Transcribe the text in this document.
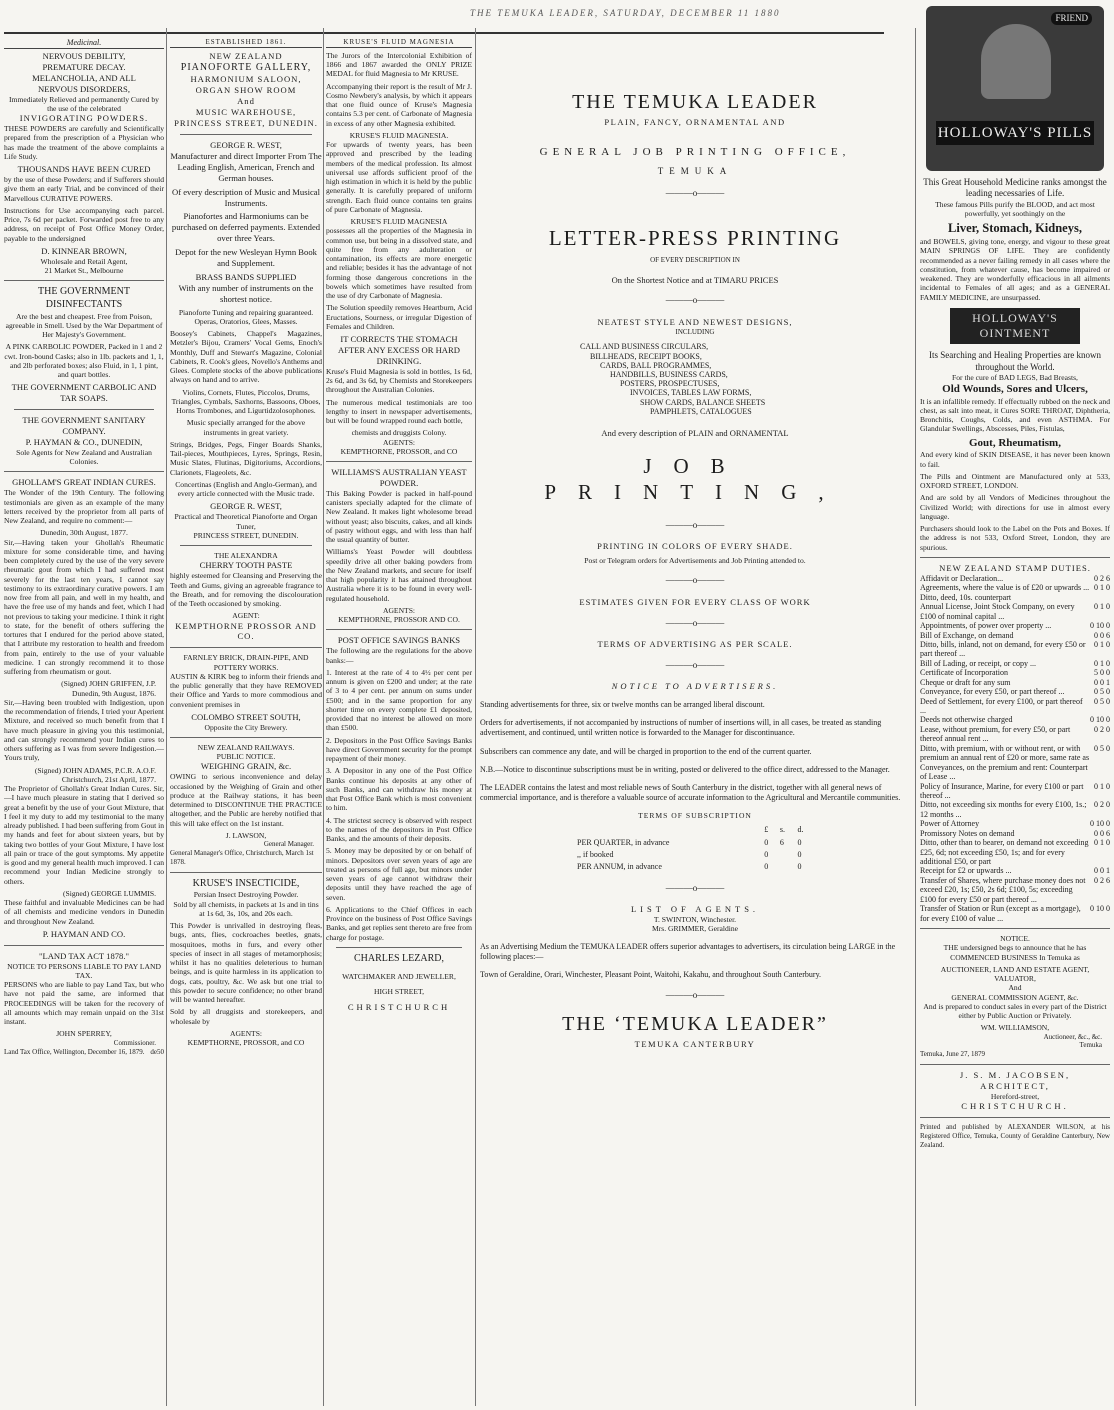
THE TEMUKA LEADER, SATURDAY, DECEMBER 11 1880
Medicinal.
NERVOUS DEBILITY,
PREMATURE DECAY.
MELANCHOLIA, AND ALL
NERVOUS DISORDERS,
Immediately Relieved and permanently Cured by the use of the celebrated
INVIGORATING POWDERS.

THESE POWDERS are carefully and Scientifically prepared from the prescription of a Physician who has made the treatment of the above complaints a Life Study.

THOUSANDS HAVE BEEN CURED

by the use of these Powders; and if Sufferers should give them an early Trial, and be convinced of their Marvellous CURATIVE POWERS.

Instructions for Use accompanying each parcel. Price, 7s 6d per packet. Forwarded post free to any address, on receipt of Post Office Money Order, payable to the undersigned

D. KINNEAR BROWN,
Wholesale and Retail Agent,
21 Market St., Melbourne
THE GOVERNMENT DISINFECTANTS

Are the best and cheapest. Free from Poison, agreeable in Smell. Used by the War Department of Her Majesty's Government.

A PINK CARBOLIC POWDER, Packed in 1 and 2 cwt. Iron-bound Casks; also in 1lb. packets and 1, 1, and 2lb perforated boxes; also Fluid, in 1, 1 pint, and quart bottles.

THE GOVERNMENT CARBOLIC AND TAR SOAPS.
THE GOVERNMENT SANITARY COMPANY.
P. HAYMAN & CO., DUNEDIN,
Sole Agents for New Zealand and Australian Colonies.
GHOLLAM'S GREAT INDIAN CURES.

The Wonder of the 19th Century. The following testimonials are given as an example of the many letters received by the proprietor from all parts of New Zealand, and require no comment:—

Dunedin, 30th August, 1877.

Sir,—Having taken your Ghollah's Rheumatic mixture for some considerable time, and having been completely cured by the use of the very severe rheumatic gout from which I had suffered most severely for the last ten years, I cannot say testimony to its extraordinary curative powers. I am now free from all pain, and well in my health, and have the free use of my hands and feet, which I had not previous to taking your medicine. I think it right to state, for the benefit of others suffering the tortures that I endured for the period above stated, that I attribute my restoration to health and freedom from pain, entirely to the use of your valuable medicine. I can strongly recommend it to those suffering from rheumatism or gout.

(Signed) JOHN GRIFFEN, J.P.
Dunedin, 9th August, 1876.

Sir,—Having been troubled with Indigestion, upon the recommendation of friends, I tried your Aperient Mixture, and received so much benefit from that I have much pleasure in giving you this testimonial, and can strongly recommend your Indian cures to others suffering as I was from severe Indigestion.—Yours truly,

(Signed) JOHN ADAMS, P.C.R. A.O.F.
Christchurch, 21st April, 1877.

The Proprietor of Ghollah's Great Indian Cures. Sir,—I have much pleasure in stating that I derived so great a benefit by the use of your Gout Mixture, that I feel it my duty to add my testimonial to the many already published. I had been suffering from Gout in my hands and feet for about sixteen years, but by taking two bottles of your Gout Mixture, I have lost all pain or trace of the gout symptoms. My appetite is good and my general health much improved. I can recommend your Indian Medicine strongly to others.

(Signed) GEORGE LUMMIS.

These faithful and invaluable Medicines can be had of all chemists and medicine vendors in Dunedin and throughout New Zealand.

P. HAYMAN AND CO.
"LAND TAX ACT 1878."
NOTICE TO PERSONS LIABLE TO PAY LAND TAX.

PERSONS who are liable to pay Land Tax, but who have not paid the same, are informed that PROCEEDINGS will be taken for the recovery of all amounts which may remain unpaid on the 31st instant.

JOHN SPERREY,
Commissioner.
Land Tax Office, Wellington, December 16, 1879. de50
ESTABLISHED 1861.
NEW ZEALAND
PIANOFORTE GALLERY,
HARMONIUM SALOON,
ORGAN SHOW ROOM
And
MUSIC WAREHOUSE,
PRINCESS STREET, DUNEDIN.
GEORGE R. WEST,

Manufacturer and direct Importer From The Leading English, American, French and German houses.

Of every description of Music and Musical Instruments.

Pianofortes and Harmoniums can be purchased on deferred payments. Extended over three Years.

Depot for the new Wesleyan Hymn Book and Supplement.

BRASS BANDS SUPPLIED

With any number of instruments on the shortest notice.

Pianoforte Tuning and repairing guaranteed. Operas, Oratorios, Glees, Masses.

Boosey's Cabinets, Chappel's Magazines, Metzler's Bijou, Cramers' Vocal Gems, Enoch's Monthly, Duff and Stewart's Magazine, Colonial Cabinets, R. Cook's glees, Novello's Anthems and Glees. Complete stocks of the above publications always on hand and to arrive.

Violins, Cornets, Flutes, Piccolos, Drums, Triangles, Cymbals, Saxhorns, Bassoons, Oboes, Horns Trombones, and Ligurtidzolosophones.

Music specially arranged for the above instruments in great variety.

Strings, Bridges, Pegs, Finger Boards Shanks, Tail-pieces, Mouthpieces, Lyres, Springs, Resin, Music Slates, Flutinas, Digitoriums, Accordions, Clarionets, Flageolets, &c.

Concertinas (English and Anglo-German), and every article connected with the Music trade.

GEORGE R. WEST,
Practical and Theoretical Pianoforte and Organ Tuner,
PRINCESS STREET, DUNEDIN.
THE ALEXANDRA
CHERRY TOOTH PASTE

highly esteemed for Cleansing and Preserving the Teeth and Gums, giving an agreeable fragrance to the Breath, and for removing the discolouration of the Teeth occasioned by smoking.

AGENT:
KEMPTHORNE PROSSOR AND CO.
FARNLEY BRICK, DRAIN-PIPE, AND POTTERY WORKS.

AUSTIN & KIRK beg to inform their friends and the public generally that they have REMOVED their Office and Yards to more commodious and convenient premises in

COLOMBO STREET SOUTH,
Opposite the City Brewery.
NEW ZEALAND RAILWAYS.
PUBLIC NOTICE.
WEIGHING GRAIN, &c.

OWING to serious inconvenience and delay occasioned by the Weighing of Grain and other produce at the Railway stations, it has been determined to DISCONTINUE THE PRACTICE altogether, and the Public are hereby notified that this will take effect on the 1st instant.

J. LAWSON,
General Manager.
General Manager's Office, Christchurch, March 1st 1878.
KRUSE'S INSECTICIDE,
Persian Insect Destroying Powder.

Sold by all chemists, in packets at 1s and in tins at 1s 6d, 3s, 10s, and 20s each.

This Powder is unrivalled in destroying fleas, bugs, ants, flies, cockroaches beetles, gnats, mosquitoes, moths in furs, and every other species of insect in all stages of metamorphosis; whilst it has no qualities deleterious to human beings, and is quite harmless in its application to dogs, cats, poultry, &c. We ask but one trial to this powder to secure confidence; no other brand will be wanted hereafter.

Sold by all druggists and storekeepers, and wholesale by

AGENTS:
KEMPTHORNE, PROSSOR, and CO
KRUSE'S FLUID MAGNESIA

The Jurors of the Intercolonial Exhibition of 1866 and 1867 awarded the ONLY PRIZE MEDAL for fluid Magnesia to Mr KRUSE.

Accompanying their report is the result of Mr J. Cosmo Newbery's analysis, by which it appears that one fluid ounce of Kruse's Magnesia contains 5.3 per cent. of Carbonate of Magnesia in excess of any other Magnesia exhibited.

KRUSE'S FLUID MAGNESIA.

For upwards of twenty years, has been approved and prescribed by the leading members of the medical profession. Its almost universal use affords sufficient proof of the high estimation in which it is held by the public generally. It is carefully prepared of uniform strength. Each fluid ounce contains ten grains of pure Carbonate of Magnesia.

KRUSE'S FLUID MAGNESIA

possesses all the properties of the Magnesia in common use, but being in a dissolved state, and quite free from any adulteration or contamination, its effects are more energetic and reliable; besides it has the advantage of not forming those dangerous concretions in the bowels which sometimes have resulted from the use of dry Carbonate of Magnesia.

The Solution speedily removes Heartburn, Acid Eructations, Sourness, or irregular Digestion of Females and Children.

IT CORRECTS THE STOMACH AFTER ANY EXCESS OR HARD DRINKING.

Kruse's Fluid Magnesia is sold in bottles, 1s 6d, 2s 6d, and 3s 6d, by Chemists and Storekeepers throughout the Australian Colonies.

The numerous medical testimonials are too lengthy to insert in newspaper advertisements, but will be found wrapped round each bottle,

chemists and druggists Colony.
AGENTS:
KEMPTHORNE, PROSSOR, and CO
WILLIAMS'S AUSTRALIAN YEAST POWDER.

This Baking Powder is packed in half-pound canisters specially adapted for the climate of New Zealand. It makes light wholesome bread without yeast; also biscuits, cakes, and all kinds of pastry without eggs, and with less than half the usual quantity of butter.

Williams's Yeast Powder will doubtless speedily drive all other baking powders from the New Zealand markets, and secure for itself that high popularity it has attained throughout Australia where it is to be found in every well-regulated household.

AGENTS:
KEMPTHORNE, PROSSOR AND CO.
POST OFFICE SAVINGS BANKS

The following are the regulations for the above banks:—

1. Interest at the rate of 4 to 4½ per cent per annum is given on £200 and under; at the rate of 3 to 4 per cent. per annum on sums under £500; and in the same proportion for any shorter time on every complete £1 deposited, provided that no interest be allowed on more than £500.

2. Depositors in the Post Office Savings Banks have direct Government security for the prompt repayment of their money.

3. A Depositor in any one of the Post Office Banks continue his deposits at any other of such Banks, and can withdraw his money at that Post Office Bank which is most convenient to him.

4. The strictest secrecy is observed with respect to the names of the depositors in Post Office Banks, and the amounts of their deposits.

5. Money may be deposited by or on behalf of minors. Depositors over seven years of age are treated as persons of full age, but minors under seven years of age cannot withdraw their deposits until they have reached the age of seven.

6. Applications to the Chief Offices in each Province on the business of Post Office Savings Banks, and get replies sent thereto are free from charge for postage.

CHARLES LEZARD,
WATCHMAKER AND JEWELLER,
HIGH STREET,
CHRISTCHURCH
THE TEMUKA LEADER
PLAIN, FANCY, ORNAMENTAL AND
GENERAL JOB PRINTING OFFICE,
TEMUKA
———o———
LETTER-PRESS PRINTING
OF EVERY DESCRIPTION IN
On the Shortest Notice and at TIMARU PRICES
———o———
NEATEST STYLE AND NEWEST DESIGNS,
INCLUDING
CALL AND BUSINESS CIRCULARS,
BILLHEADS, RECEIPT BOOKS,
CARDS, BALL PROGRAMMES,
HANDBILLS, BUSINESS CARDS,
POSTERS, PROSPECTUSES,
INVOICES, TABLES LAW FORMS,
SHOW CARDS, BALANCE SHEETS
PAMPHLETS, CATALOGUES
And every description of PLAIN and ORNAMENTAL
JOB PRINTING,
———o———
PRINTING IN COLORS OF EVERY SHADE.
Post or Telegram orders for Advertisements and Job Printing attended to.
———o———
ESTIMATES GIVEN FOR EVERY CLASS OF WORK
———o———
TERMS OF ADVERTISING AS PER SCALE.
———o———
NOTICE TO ADVERTISERS.

Standing advertisements for three, six or twelve months can be arranged liberal discount.

Orders for advertisements, if not accompanied by instructions of number of insertions will, in all cases, be treated as standing advertisement, and continued, until written notice is forwarded to the Manager for discontinuance.

Subscribers can commence any date, and will be charged in proportion to the end of the current quarter.

N.B.—Notice to discontinue subscriptions must be in writing, posted or delivered to the office direct, addressed to the Manager.

The LEADER contains the latest and most reliable news of South Canterbury in the district, together with all general news of commercial importance, and is therefore a valuable source of accurate information to the Agricultural and Mercantile communities.

TERMS OF SUBSCRIPTION
	£	s.	d.
PER QUARTER, in advance	0	6	0
,, if booked	0		0
PER ANNUM, in advance	0		0
———o———
LIST OF AGENTS.
T. SWINTON, Winchester.
Mrs. GRIMMER, Geraldine

As an Advertising Medium the TEMUKA LEADER offers superior advantages to advertisers, its circulation being LARGE in the following places:—

Town of Geraldine, Orari, Winchester, Pleasant Point, Waitohi, Kakahu, and throughout South Canterbury.

———o———
THE ‘TEMUKA LEADER”
TEMUKA CANTERBURY
FRIEND
HOLLOWAY'S PILLS
This Great Household Medicine ranks amongst the leading necessaries of Life.

These famous Pills purify the BLOOD, and act most powerfully, yet soothingly on the

Liver, Stomach, Kidneys,

and BOWELS, giving tone, energy, and vigour to these great MAIN SPRINGS OF LIFE. They are confidently recommended as a never failing remedy in all cases where the constitution, from whatever cause, has become impaired or weakened. They are wonderfully efficacious in all ailments incidental to Females of all ages; and as a GENERAL FAMILY MEDICINE, are unsurpassed.

HOLLOWAY'S OINTMENT
Its Searching and Healing Properties are known throughout the World.
For the cure of BAD LEGS, Bad Breasts,
Old Wounds, Sores and Ulcers,

It is an infallible remedy. If effectually rubbed on the neck and chest, as salt into meat, it Cures SORE THROAT, Diphtheria, Bronchitis, Coughs, Colds, and even ASTHMA. For Glandular Swellings, Abscesses, Piles, Fistulas,

Gout, Rheumatism,

And every kind of SKIN DISEASE, it has never been known to fail.

The Pills and Ointment are Manufactured only at 533, OXFORD STREET, LONDON.

And are sold by all Vendors of Medicines throughout the Civilized World; with directions for use in almost every language.

Purchasers should look to the Label on the Pots and Boxes. If the address is not 533, Oxford Street, London, they are spurious.

NEW ZEALAND STAMP DUTIES.
Affidavit or Declaration...	0 2 6
Agreements, where the value is of £20 or upwards ... 0 1 0
Ditto, deed, 10s. counterpart
Annual License, Joint Stock Company, on every £100 of nominal capital ...
0 1 0
Appointments, of power over property ...	0 10 0
Bill of Exchange, on demand	0 0 6
Ditto, bills, inland, not on demand, for every £50 or part thereof ...
0 1 0
Bill of Lading, or receipt, or copy ...	0 1 0
Certificate of Incorporation	5 0 0
Cheque or draft for any sum	0 0 1
Conveyance, for every £50, or part thereof ...	0 5 0
Deed of Settlement, for every £100, or part thereof ...
0 5 0
Deeds not otherwise charged	0 10 0
Lease, without premium, for every £50, or part thereof annual rent ...
0 2 0
Ditto, with premium, with or without rent, or with premium an annual rent of £20 or more, same rate as Conveyances, on the premium and rent: Counterpart of Lease ...
0 5 0
Policy of Insurance, Marine, for every £100 or part thereof ...
0 1 0
Ditto, not exceeding six months for every £100, 1s.; 12 months ...
0 2 0
Power of Attorney	0 10 0
Promissory Notes on demand	0 0 6
Ditto, other than to bearer, on demand not exceeding £25, 6d; not exceeding £50, 1s; and for every additional £50, or part
0 1 0
Receipt for £2 or upwards ...	0 0 1
Transfer of Shares, where purchase money does not exceed £20, 1s; £50, 2s 6d; £100, 5s; exceeding £100 for every £50 or part thereof ...
0 2 6
Transfer of Station or Run (except as a mortgage), for every £100 of value ...
0 10 0
NOTICE.

THE undersigned begs to announce that he has COMMENCED BUSINESS In Temuka as

AUCTIONEER, LAND AND ESTATE AGENT, VALUATOR,
And
GENERAL COMMISSION AGENT, &c.

And is prepared to conduct sales in every part of the District either by Public Auction or Privately.

WM. WILLIAMSON,
Auctioneer, &c., &c.
Temuka
Temuka, June 27, 1879
J. S. M. JACOBSEN,
ARCHITECT,
Hereford-street,
CHRISTCHURCH.

Printed and published by ALEXANDER WILSON, at his Registered Office, Temuka, County of Geraldine Canterbury, New Zealand.
